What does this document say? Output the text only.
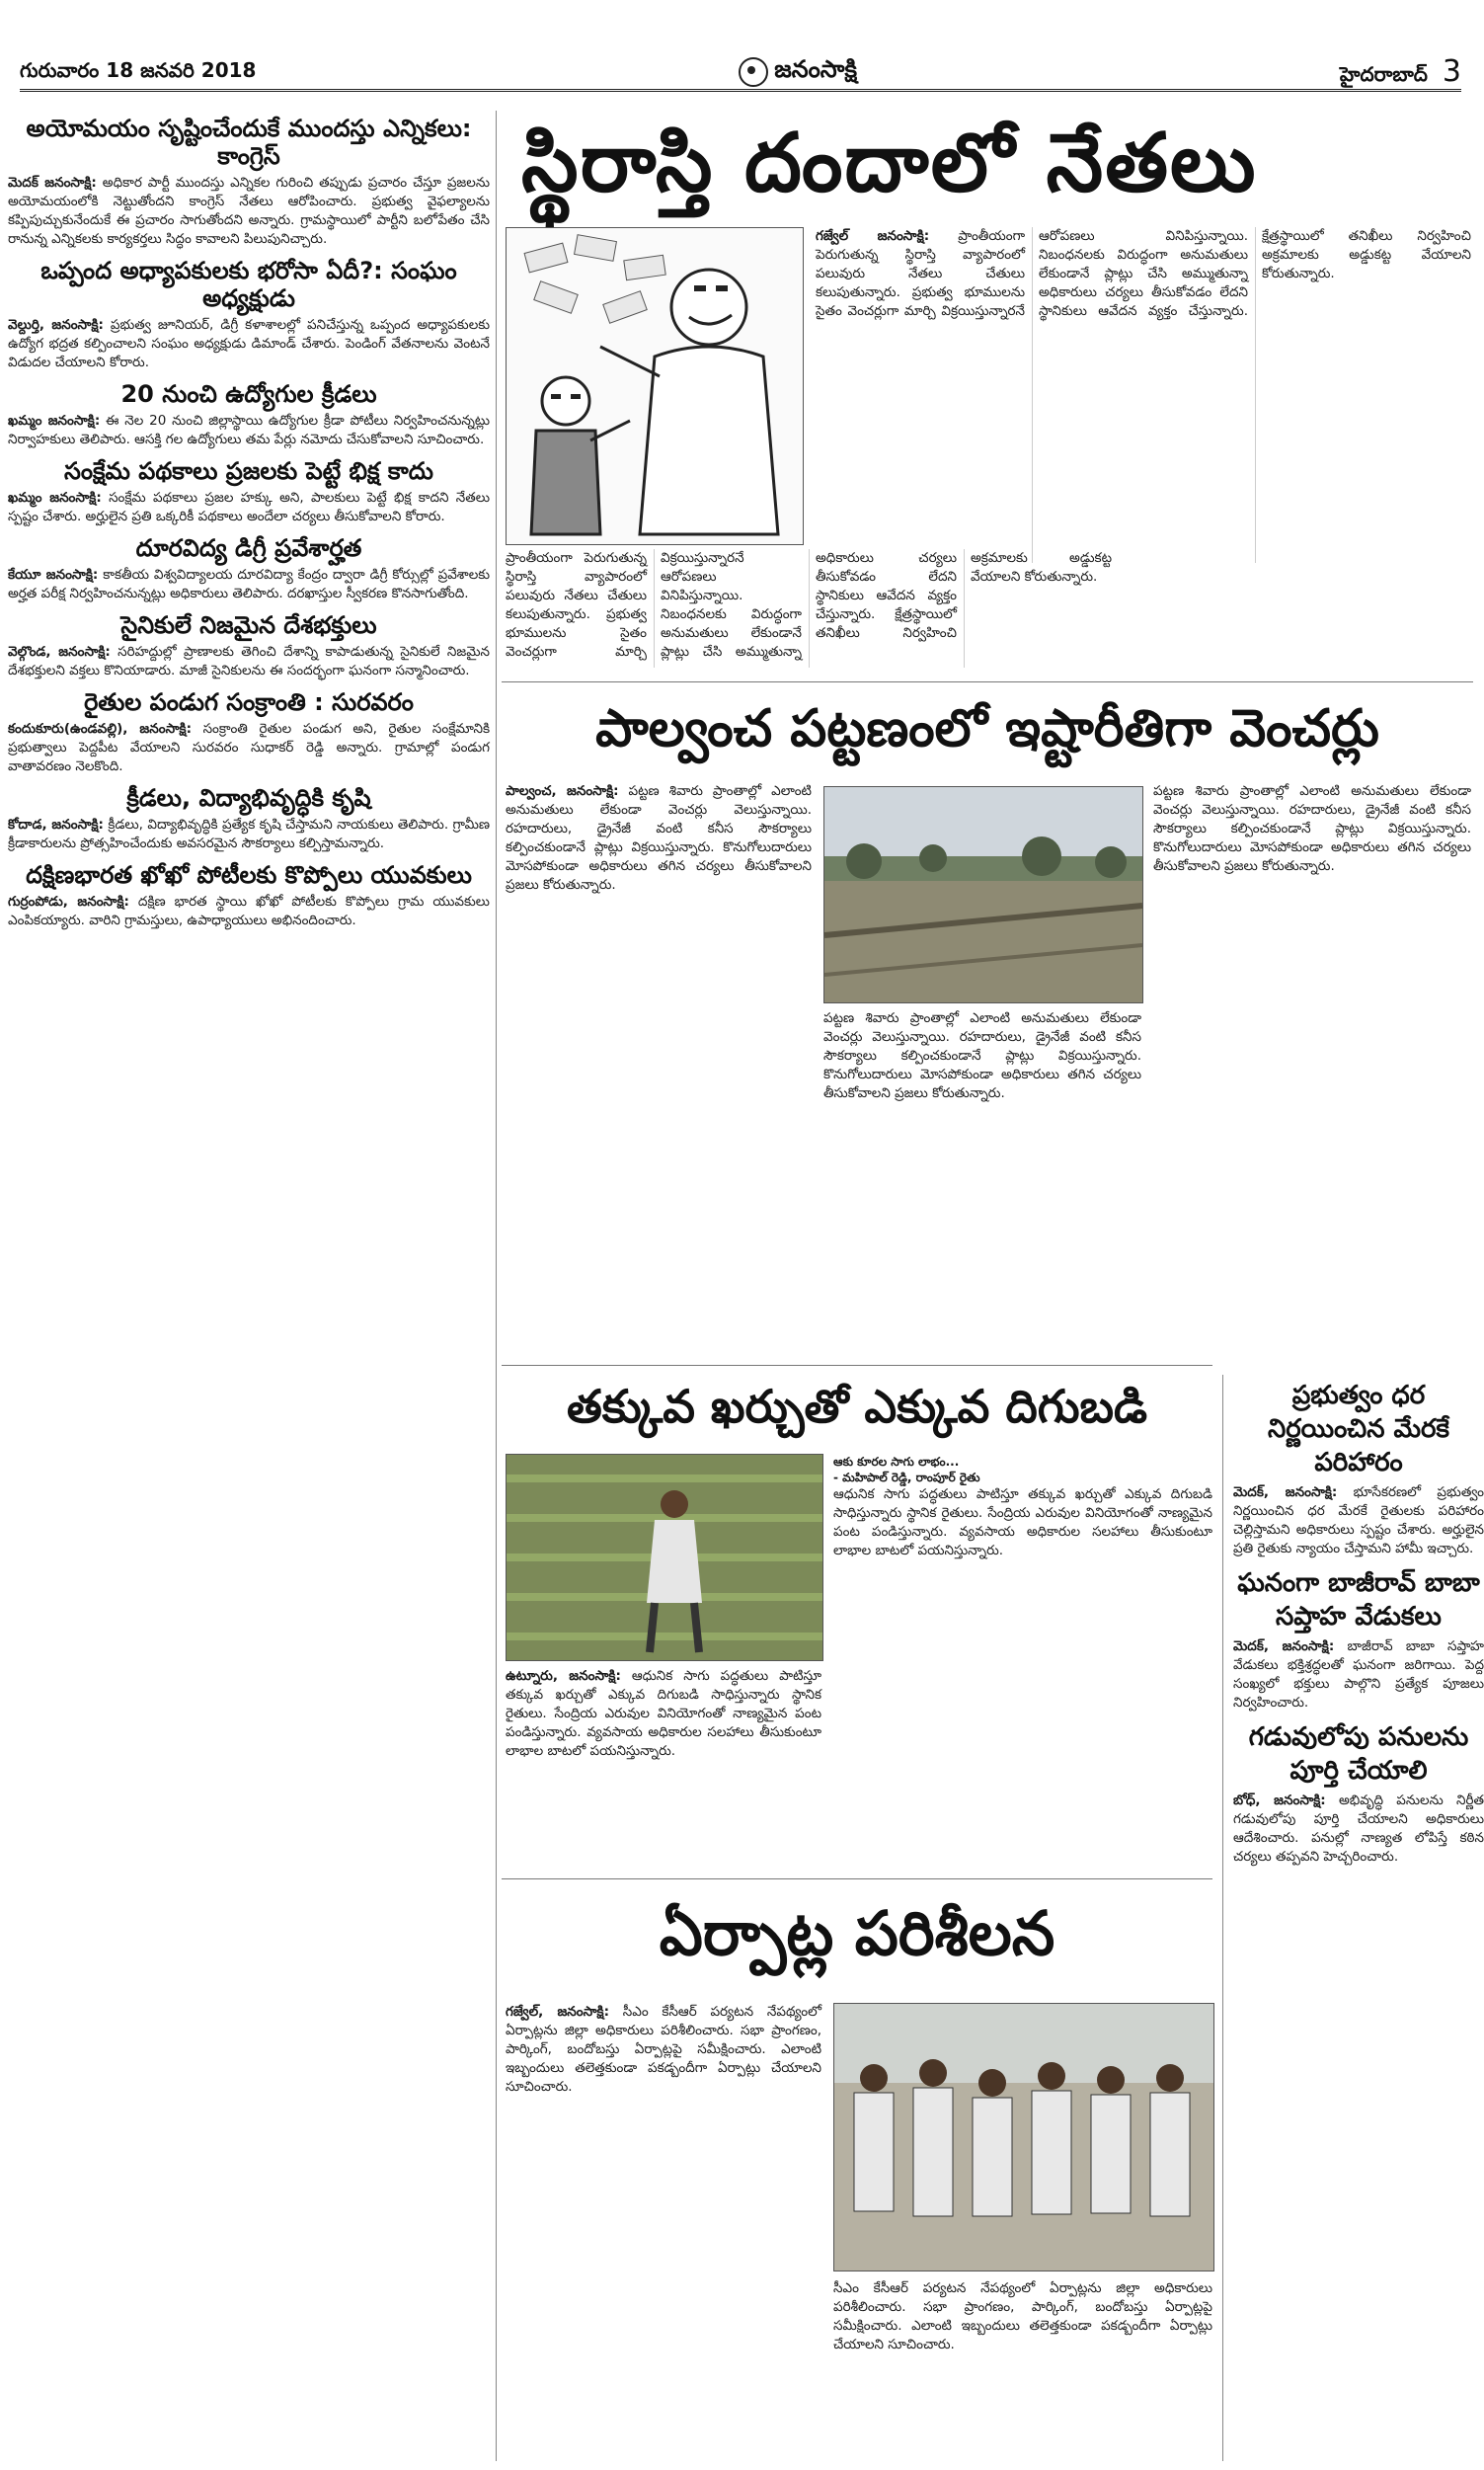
గురువారం 18 జనవరి 2018	జనంసాక్షి	హైదరాబాద్ 3
అయోమయం సృష్టించేందుకే ముందస్తు ఎన్నికలు: కాంగ్రెస్

మెదక్ జనంసాక్షి: అధికార పార్టీ ముందస్తు ఎన్నికల గురించి తప్పుడు ప్రచారం చేస్తూ ప్రజలను అయోమయంలోకి నెట్టుతోందని కాంగ్రెస్ నేతలు ఆరోపించారు. ప్రభుత్వ వైఫల్యాలను కప్పిపుచ్చుకునేందుకే ఈ ప్రచారం సాగుతోందని అన్నారు. గ్రామస్థాయిలో పార్టీని బలోపేతం చేసి రానున్న ఎన్నికలకు కార్యకర్తలు సిద్ధం కావాలని పిలుపునిచ్చారు.

ఒప్పంద అధ్యాపకులకు భరోసా ఏదీ?: సంఘం అధ్యక్షుడు

వెల్దుర్తి, జనంసాక్షి: ప్రభుత్వ జూనియర్, డిగ్రీ కళాశాలల్లో పనిచేస్తున్న ఒప్పంద అధ్యాపకులకు ఉద్యోగ భద్రత కల్పించాలని సంఘం అధ్యక్షుడు డిమాండ్ చేశారు. పెండింగ్ వేతనాలను వెంటనే విడుదల చేయాలని కోరారు.

20 నుంచి ఉద్యోగుల క్రీడలు

ఖమ్మం జనంసాక్షి: ఈ నెల 20 నుంచి జిల్లాస్థాయి ఉద్యోగుల క్రీడా పోటీలు నిర్వహించనున్నట్లు నిర్వాహకులు తెలిపారు. ఆసక్తి గల ఉద్యోగులు తమ పేర్లు నమోదు చేసుకోవాలని సూచించారు.

సంక్షేమ పథకాలు ప్రజలకు పెట్టే భిక్ష కాదు

ఖమ్మం జనంసాక్షి: సంక్షేమ పథకాలు ప్రజల హక్కు అని, పాలకులు పెట్టే భిక్ష కాదని నేతలు స్పష్టం చేశారు. అర్హులైన ప్రతి ఒక్కరికీ పథకాలు అందేలా చర్యలు తీసుకోవాలని కోరారు.

దూరవిద్య డిగ్రీ ప్రవేశార్హత

కేయూ జనంసాక్షి: కాకతీయ విశ్వవిద్యాలయ దూరవిద్యా కేంద్రం ద్వారా డిగ్రీ కోర్సుల్లో ప్రవేశాలకు అర్హత పరీక్ష నిర్వహించనున్నట్లు అధికారులు తెలిపారు. దరఖాస్తుల స్వీకరణ కొనసాగుతోంది.

సైనికులే నిజమైన దేశభక్తులు

వెల్గొండ, జనంసాక్షి: సరిహద్దుల్లో ప్రాణాలకు తెగించి దేశాన్ని కాపాడుతున్న సైనికులే నిజమైన దేశభక్తులని వక్తలు కొనియాడారు. మాజీ సైనికులను ఈ సందర్భంగా ఘనంగా సన్మానించారు.

రైతుల పండుగ సంక్రాంతి : సురవరం

కందుకూరు(ఉండవల్లి), జనంసాక్షి: సంక్రాంతి రైతుల పండుగ అని, రైతుల సంక్షేమానికి ప్రభుత్వాలు పెద్దపీట వేయాలని సురవరం సుధాకర్ రెడ్డి అన్నారు. గ్రామాల్లో పండుగ వాతావరణం నెలకొంది.

క్రీడలు, విద్యాభివృద్ధికి కృషి

కోదాడ, జనంసాక్షి: క్రీడలు, విద్యాభివృద్ధికి ప్రత్యేక కృషి చేస్తామని నాయకులు తెలిపారు. గ్రామీణ క్రీడాకారులను ప్రోత్సహించేందుకు అవసరమైన సౌకర్యాలు కల్పిస్తామన్నారు.

దక్షిణభారత ఖోఖో పోటీలకు కొప్పోలు యువకులు

గుర్రంపోడు, జనంసాక్షి: దక్షిణ భారత స్థాయి ఖోఖో పోటీలకు కొప్పోలు గ్రామ యువకులు ఎంపికయ్యారు. వారిని గ్రామస్తులు, ఉపాధ్యాయులు అభినందించారు.

స్థిరాస్తి దందాలో నేతలు
గజ్వేల్ జనంసాక్షి: ప్రాంతీయంగా పెరుగుతున్న స్థిరాస్తి వ్యాపారంలో పలువురు నేతలు చేతులు కలుపుతున్నారు. ప్రభుత్వ భూములను సైతం వెంచర్లుగా మార్చి విక్రయిస్తున్నారనే ఆరోపణలు వినిపిస్తున్నాయి. నిబంధనలకు విరుద్ధంగా అనుమతులు లేకుండానే ప్లాట్లు చేసి అమ్ముతున్నా అధికారులు చర్యలు తీసుకోవడం లేదని స్థానికులు ఆవేదన వ్యక్తం చేస్తున్నారు. క్షేత్రస్థాయిలో తనిఖీలు నిర్వహించి అక్రమాలకు అడ్డుకట్ట వేయాలని కోరుతున్నారు.
ప్రాంతీయంగా పెరుగుతున్న స్థిరాస్తి వ్యాపారంలో పలువురు నేతలు చేతులు కలుపుతున్నారు. ప్రభుత్వ భూములను సైతం వెంచర్లుగా మార్చి విక్రయిస్తున్నారనే ఆరోపణలు వినిపిస్తున్నాయి. నిబంధనలకు విరుద్ధంగా అనుమతులు లేకుండానే ప్లాట్లు చేసి అమ్ముతున్నా అధికారులు చర్యలు తీసుకోవడం లేదని స్థానికులు ఆవేదన వ్యక్తం చేస్తున్నారు. క్షేత్రస్థాయిలో తనిఖీలు నిర్వహించి అక్రమాలకు అడ్డుకట్ట వేయాలని కోరుతున్నారు.
పాల్వంచ పట్టణంలో ఇష్టారీతిగా వెంచర్లు
పాల్వంచ, జనంసాక్షి: పట్టణ శివారు ప్రాంతాల్లో ఎలాంటి అనుమతులు లేకుండా వెంచర్లు వెలుస్తున్నాయి. రహదారులు, డ్రైనేజీ వంటి కనీస సౌకర్యాలు కల్పించకుండానే ప్లాట్లు విక్రయిస్తున్నారు. కొనుగోలుదారులు మోసపోకుండా అధికారులు తగిన చర్యలు తీసుకోవాలని ప్రజలు కోరుతున్నారు.
పట్టణ శివారు ప్రాంతాల్లో ఎలాంటి అనుమతులు లేకుండా వెంచర్లు వెలుస్తున్నాయి. రహదారులు, డ్రైనేజీ వంటి కనీస సౌకర్యాలు కల్పించకుండానే ప్లాట్లు విక్రయిస్తున్నారు. కొనుగోలుదారులు మోసపోకుండా అధికారులు తగిన చర్యలు తీసుకోవాలని ప్రజలు కోరుతున్నారు.
పట్టణ శివారు ప్రాంతాల్లో ఎలాంటి అనుమతులు లేకుండా వెంచర్లు వెలుస్తున్నాయి. రహదారులు, డ్రైనేజీ వంటి కనీస సౌకర్యాలు కల్పించకుండానే ప్లాట్లు విక్రయిస్తున్నారు. కొనుగోలుదారులు మోసపోకుండా అధికారులు తగిన చర్యలు తీసుకోవాలని ప్రజలు కోరుతున్నారు.
తక్కువ ఖర్చుతో ఎక్కువ దిగుబడి
ఉట్నూరు, జనంసాక్షి: ఆధునిక సాగు పద్ధతులు పాటిస్తూ తక్కువ ఖర్చుతో ఎక్కువ దిగుబడి సాధిస్తున్నారు స్థానిక రైతులు. సేంద్రియ ఎరువుల వినియోగంతో నాణ్యమైన పంట పండిస్తున్నారు. వ్యవసాయ అధికారుల సలహాలు తీసుకుంటూ లాభాల బాటలో పయనిస్తున్నారు.
ఆకు కూరల సాగు లాభం...
- మహిపాల్ రెడ్డి, రాంపూర్ రైతు
ఆధునిక సాగు పద్ధతులు పాటిస్తూ తక్కువ ఖర్చుతో ఎక్కువ దిగుబడి సాధిస్తున్నారు స్థానిక రైతులు. సేంద్రియ ఎరువుల వినియోగంతో నాణ్యమైన పంట పండిస్తున్నారు. వ్యవసాయ అధికారుల సలహాలు తీసుకుంటూ లాభాల బాటలో పయనిస్తున్నారు.
ఏర్పాట్ల పరిశీలన
గజ్వేల్, జనంసాక్షి: సీఎం కేసీఆర్ పర్యటన నేపథ్యంలో ఏర్పాట్లను జిల్లా అధికారులు పరిశీలించారు. సభా ప్రాంగణం, పార్కింగ్, బందోబస్తు ఏర్పాట్లపై సమీక్షించారు. ఎలాంటి ఇబ్బందులు తలెత్తకుండా పకడ్బందీగా ఏర్పాట్లు చేయాలని సూచించారు.
సీఎం కేసీఆర్ పర్యటన నేపథ్యంలో ఏర్పాట్లను జిల్లా అధికారులు పరిశీలించారు. సభా ప్రాంగణం, పార్కింగ్, బందోబస్తు ఏర్పాట్లపై సమీక్షించారు. ఎలాంటి ఇబ్బందులు తలెత్తకుండా పకడ్బందీగా ఏర్పాట్లు చేయాలని సూచించారు.
ప్రభుత్వం ధర నిర్ణయించిన మేరకే పరిహారం

మెదక్, జనంసాక్షి: భూసేకరణలో ప్రభుత్వం నిర్ణయించిన ధర మేరకే రైతులకు పరిహారం చెల్లిస్తామని అధికారులు స్పష్టం చేశారు. అర్హులైన ప్రతి రైతుకు న్యాయం చేస్తామని హామీ ఇచ్చారు.

ఘనంగా బాజీరావ్ బాబా సప్తాహ వేడుకలు

మెదక్, జనంసాక్షి: బాజీరావ్ బాబా సప్తాహ వేడుకలు భక్తిశ్రద్ధలతో ఘనంగా జరిగాయి. పెద్ద సంఖ్యలో భక్తులు పాల్గొని ప్రత్యేక పూజలు నిర్వహించారు.

గడువులోపు పనులను పూర్తి చేయాలి

బోధ్, జనంసాక్షి: అభివృద్ధి పనులను నిర్ణీత గడువులోపు పూర్తి చేయాలని అధికారులు ఆదేశించారు. పనుల్లో నాణ్యత లోపిస్తే కఠిన చర్యలు తప్పవని హెచ్చరించారు.
